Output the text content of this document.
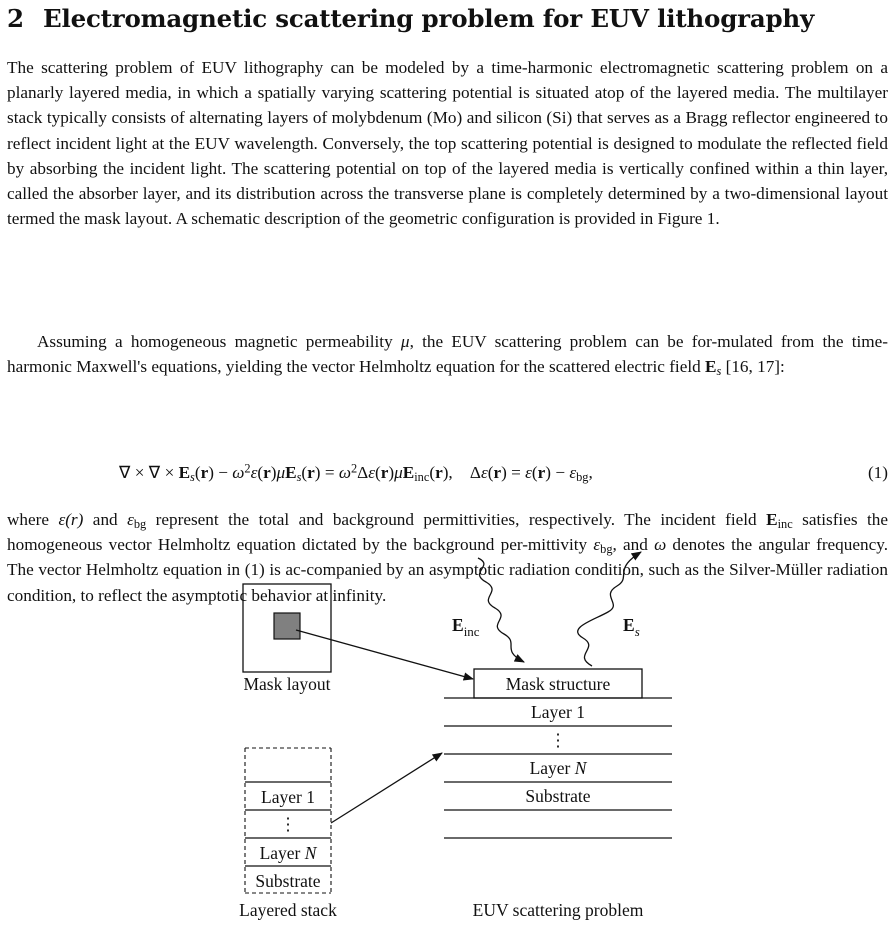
2 Electromagnetic scattering problem for EUV lithography

The scattering problem of EUV lithography can be modeled by a time-harmonic electromagnetic scattering problem on a planarly layered media, in which a spatially varying scattering potential is situated atop of the layered media. The multilayer stack typically consists of alternating layers of molybdenum (Mo) and silicon (Si) that serves as a Bragg reflector engineered to reflect incident light at the EUV wavelength. Conversely, the top scattering potential is designed to modulate the reflected field by absorbing the incident light. The scattering potential on top of the layered media is vertically confined within a thin layer, called the absorber layer, and its distribution across the transverse plane is completely determined by a two-dimensional layout termed the mask layout. A schematic description of the geometric configuration is provided in Figure 1.

Assuming a homogeneous magnetic permeability μ, the EUV scattering problem can be for-mulated from the time-harmonic Maxwell's equations, yielding the vector Helmholtz equation for the scattered electric field $E_s$ [16, 17]:

∇ × ∇ × $E_s(r) - \omega^2\varepsilon(r)\mu E_s(r) = \omega^2\Delta\varepsilon(r)\mu E_{inc}(r)$,    $\Delta\varepsilon(r) = \varepsilon(r) - \varepsilon_{bg}$,	(1)

where ε(r) and $\varepsilon_{bg}$ represent the total and background permittivities, respectively. The incident field $E_{inc}$ satisfies the homogeneous vector Helmholtz equation dictated by the background per-mittivity $\varepsilon_{bg}$, and ω denotes the angular frequency. The vector Helmholtz equation in (1) is ac-companied by an asymptotic radiation condition, such as the Silver-Müller radiation condition, to reflect the asymptotic behavior at infinity.

Mask layout
$E_{inc}$	$E_s$
Mask structure
Layer 1
⋮
Layer N
Substrate
EUV scattering problem
Layer 1
⋮
Layer N
Substrate
Layered stack
